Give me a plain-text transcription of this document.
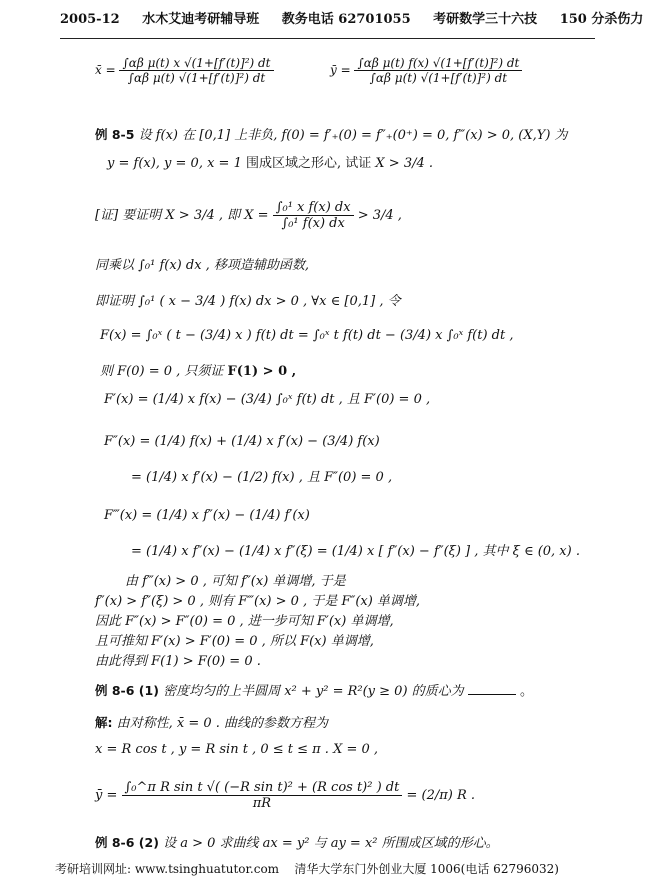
2005-12 水木艾迪考研辅导班 教务电话 62701055 考研数学三十六技 150 分杀伤力
x̄ = $\frac{\text{∫αβ μ(t) x √(1+[f′(t)]²) dt}}{\text{∫αβ μ(t) √(1+[f′(t)]²) dt}}$	ȳ = $\frac{\text{∫αβ μ(t) f(x) √(1+[f′(t)]²) dt}}{\text{∫αβ μ(t) √(1+[f′(t)]²) dt}}$
例 8-5 设 f(x) 在 [0,1] 上非负, f(0) = f′₊(0) = f″₊(0⁺) = 0, f‴(x) > 0, (X,Y) 为
y = f(x), y = 0, x = 1 围成区域之形心, 试证 X > 3/4 .
[证] 要证明 X > 3/4 , 即 $X = \frac{\text{∫₀¹ x f(x) dx}}{\text{∫₀¹ f(x) dx}} > 3/4$ ,
同乘以 ∫₀¹ f(x) dx , 移项造辅助函数,
即证明 ∫₀¹ ( x − 3/4 ) f(x) dx > 0 , ∀x ∈ [0,1] , 令
F(x) = ∫₀ˣ ( t − (3/4) x ) f(t) dt = ∫₀ˣ t f(t) dt − (3/4) x ∫₀ˣ f(t) dt ,
则 F(0) = 0 , 只须证 F(1) > 0 ,
F′(x) = (1/4) x f(x) − (3/4) ∫₀ˣ f(t) dt , 且 F′(0) = 0 ,
F″(x) = (1/4) f(x) + (1/4) x f′(x) − (3/4) f(x)
= (1/4) x f′(x) − (1/2) f(x) , 且 F″(0) = 0 ,
F‴(x) = (1/4) x f″(x) − (1/4) f′(x)
= (1/4) x f″(x) − (1/4) x f″(ξ) = (1/4) x [ f″(x) − f″(ξ) ] , 其中 ξ ∈ (0, x) .
由 f‴(x) > 0 , 可知 f″(x) 单调增, 于是
f″(x) > f″(ξ) > 0 , 则有 F‴(x) > 0 , 于是 F″(x) 单调增,
因此 F″(x) > F″(0) = 0 , 进一步可知 F′(x) 单调增,
且可推知 F′(x) > F′(0) = 0 , 所以 F(x) 单调增,
由此得到 F(1) > F(0) = 0 .
例 8-6 (1) 密度均匀的上半圆周 x² + y² = R²(y ≥ 0) 的质心为	。
解: 由对称性, x̄ = 0 . 曲线的参数方程为
x = R cos t , y = R sin t , 0 ≤ t ≤ π . X = 0 ,
ȳ = $\frac{\text{∫₀\textasciicircum{}π R sin t √( (−R sin t)² + (R cos t)² ) dt}}{\pi R} = (2/\pi)$ R .
例 8-6 (2) 设 a > 0 求曲线 ax = y² 与 ay = x² 所围成区域的形心。
考研培训网址: www.tsinghuatutor.com 清华大学东门外创业大厦 1006(电话 62796032)
